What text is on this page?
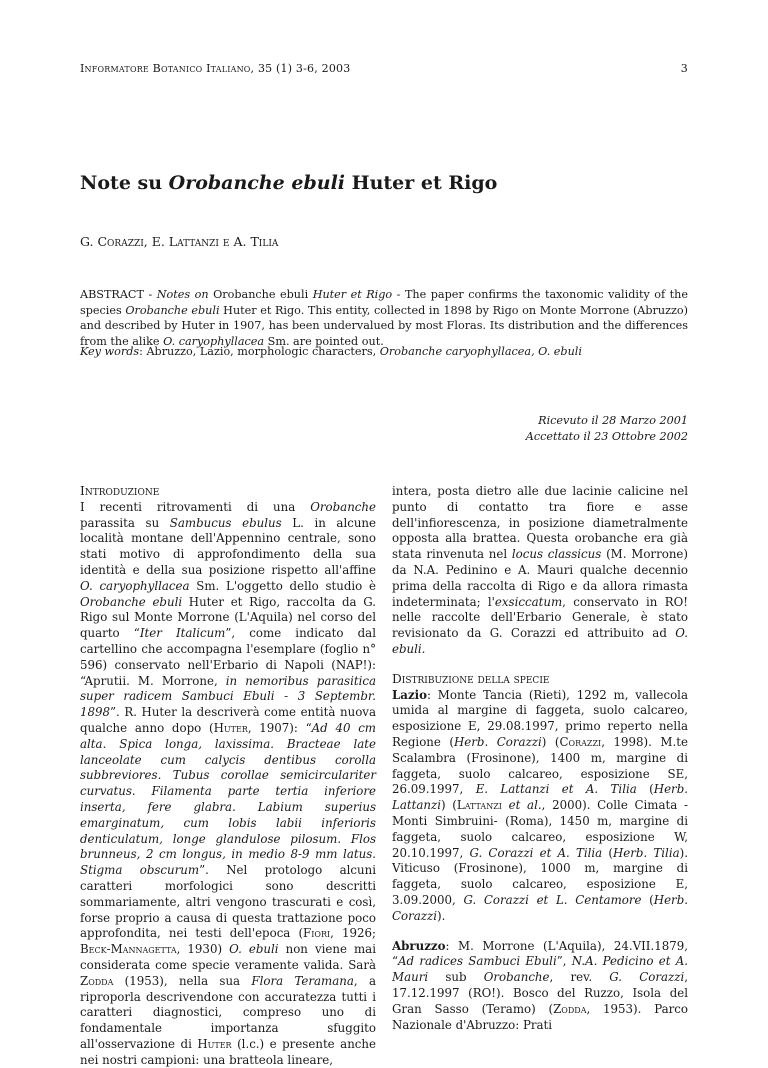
Informatore Botanico Italiano, 35 (1) 3-6, 2003	3
Note su Orobanche ebuli Huter et Rigo
G. Corazzi, E. Lattanzi e A. Tilia
ABSTRACT - Notes on Orobanche ebuli Huter et Rigo - The paper confirms the taxonomic validity of the species Orobanche ebuli Huter et Rigo. This entity, collected in 1898 by Rigo on Monte Morrone (Abruzzo) and described by Huter in 1907, has been undervalued by most Floras. Its distribution and the differences from the alike O. caryophyllacea Sm. are pointed out.
Key words: Abruzzo, Lazio, morphologic characters, Orobanche caryophyllacea, O. ebuli
Ricevuto il 28 Marzo 2001
Accettato il 23 Ottobre 2002
Introduzione

I recenti ritrovamenti di una Orobanche parassita su Sambucus ebulus L. in alcune località montane dell'Appennino centrale, sono stati motivo di approfondimento della sua identità e della sua posizione rispetto all'affine O. caryophyllacea Sm. L'oggetto dello studio è Orobanche ebuli Huter et Rigo, raccolta da G. Rigo sul Monte Morrone (L'Aquila) nel corso del quarto “Iter Italicum”, come indicato dal cartellino che accompagna l'esemplare (foglio n° 596) conservato nell'Erbario di Napoli (NAP!): “Aprutii. M. Morrone, in nemoribus parasitica super radicem Sambuci Ebuli - 3 Septembr. 1898”. R. Huter la descriverà come entità nuova qualche anno dopo (Huter, 1907): “Ad 40 cm alta. Spica longa, laxissima. Bracteae late lanceolate cum calycis dentibus corolla subbreviores. Tubus corollae semicirculariter curvatus. Filamenta parte tertia inferiore inserta, fere glabra. Labium superius emarginatum, cum lobis labii inferioris denticulatum, longe glandulose pilosum. Flos brunneus, 2 cm longus, in medio 8-9 mm latus. Stigma obscurum”. Nel protologo alcuni caratteri morfologici sono descritti sommariamente, altri vengono trascurati e così, forse proprio a causa di questa trattazione poco approfondita, nei testi dell'epoca (Fiori, 1926; Beck-Mannagetta, 1930) O. ebuli non viene mai considerata come specie veramente valida. Sarà Zodda (1953), nella sua Flora Teramana, a riproporla descrivendone con accuratezza tutti i caratteri diagnostici, compreso uno di fondamentale importanza sfuggito all'osservazione di Huter (l.c.) e presente anche nei nostri campioni: una bratteola lineare,

intera, posta dietro alle due lacinie calicine nel punto di contatto tra fiore e asse dell'infiorescenza, in posizione diametralmente opposta alla brattea. Questa orobanche era già stata rinvenuta nel locus classicus (M. Morrone) da N.A. Pedinino e A. Mauri qualche decennio prima della raccolta di Rigo e da allora rimasta indeterminata; l'exsiccatum, conservato in RO! nelle raccolte dell'Erbario Generale, è stato revisionato da G. Corazzi ed attribuito ad O. ebuli.

Distribuzione della specie

Lazio: Monte Tancia (Rieti), 1292 m, vallecola umida al margine di faggeta, suolo calcareo, esposizione E, 29.08.1997, primo reperto nella Regione (Herb. Corazzi) (Corazzi, 1998). M.te Scalambra (Frosinone), 1400 m, margine di faggeta, suolo calcareo, esposizione SE, 26.09.1997, E. Lattanzi et A. Tilia (Herb. Lattanzi) (Lattanzi et al., 2000). Colle Cimata -Monti Simbruini- (Roma), 1450 m, margine di faggeta, suolo calcareo, esposizione W, 20.10.1997, G. Corazzi et A. Tilia (Herb. Tilia). Viticuso (Frosinone), 1000 m, margine di faggeta, suolo calcareo, esposizione E, 3.09.2000, G. Corazzi et L. Centamore (Herb. Corazzi).

Abruzzo: M. Morrone (L'Aquila), 24.VII.1879, “Ad radices Sambuci Ebuli”, N.A. Pedicino et A. Mauri sub Orobanche, rev. G. Corazzi, 17.12.1997 (RO!). Bosco del Ruzzo, Isola del Gran Sasso (Teramo) (Zodda, 1953). Parco Nazionale d'Abruzzo: Prati
